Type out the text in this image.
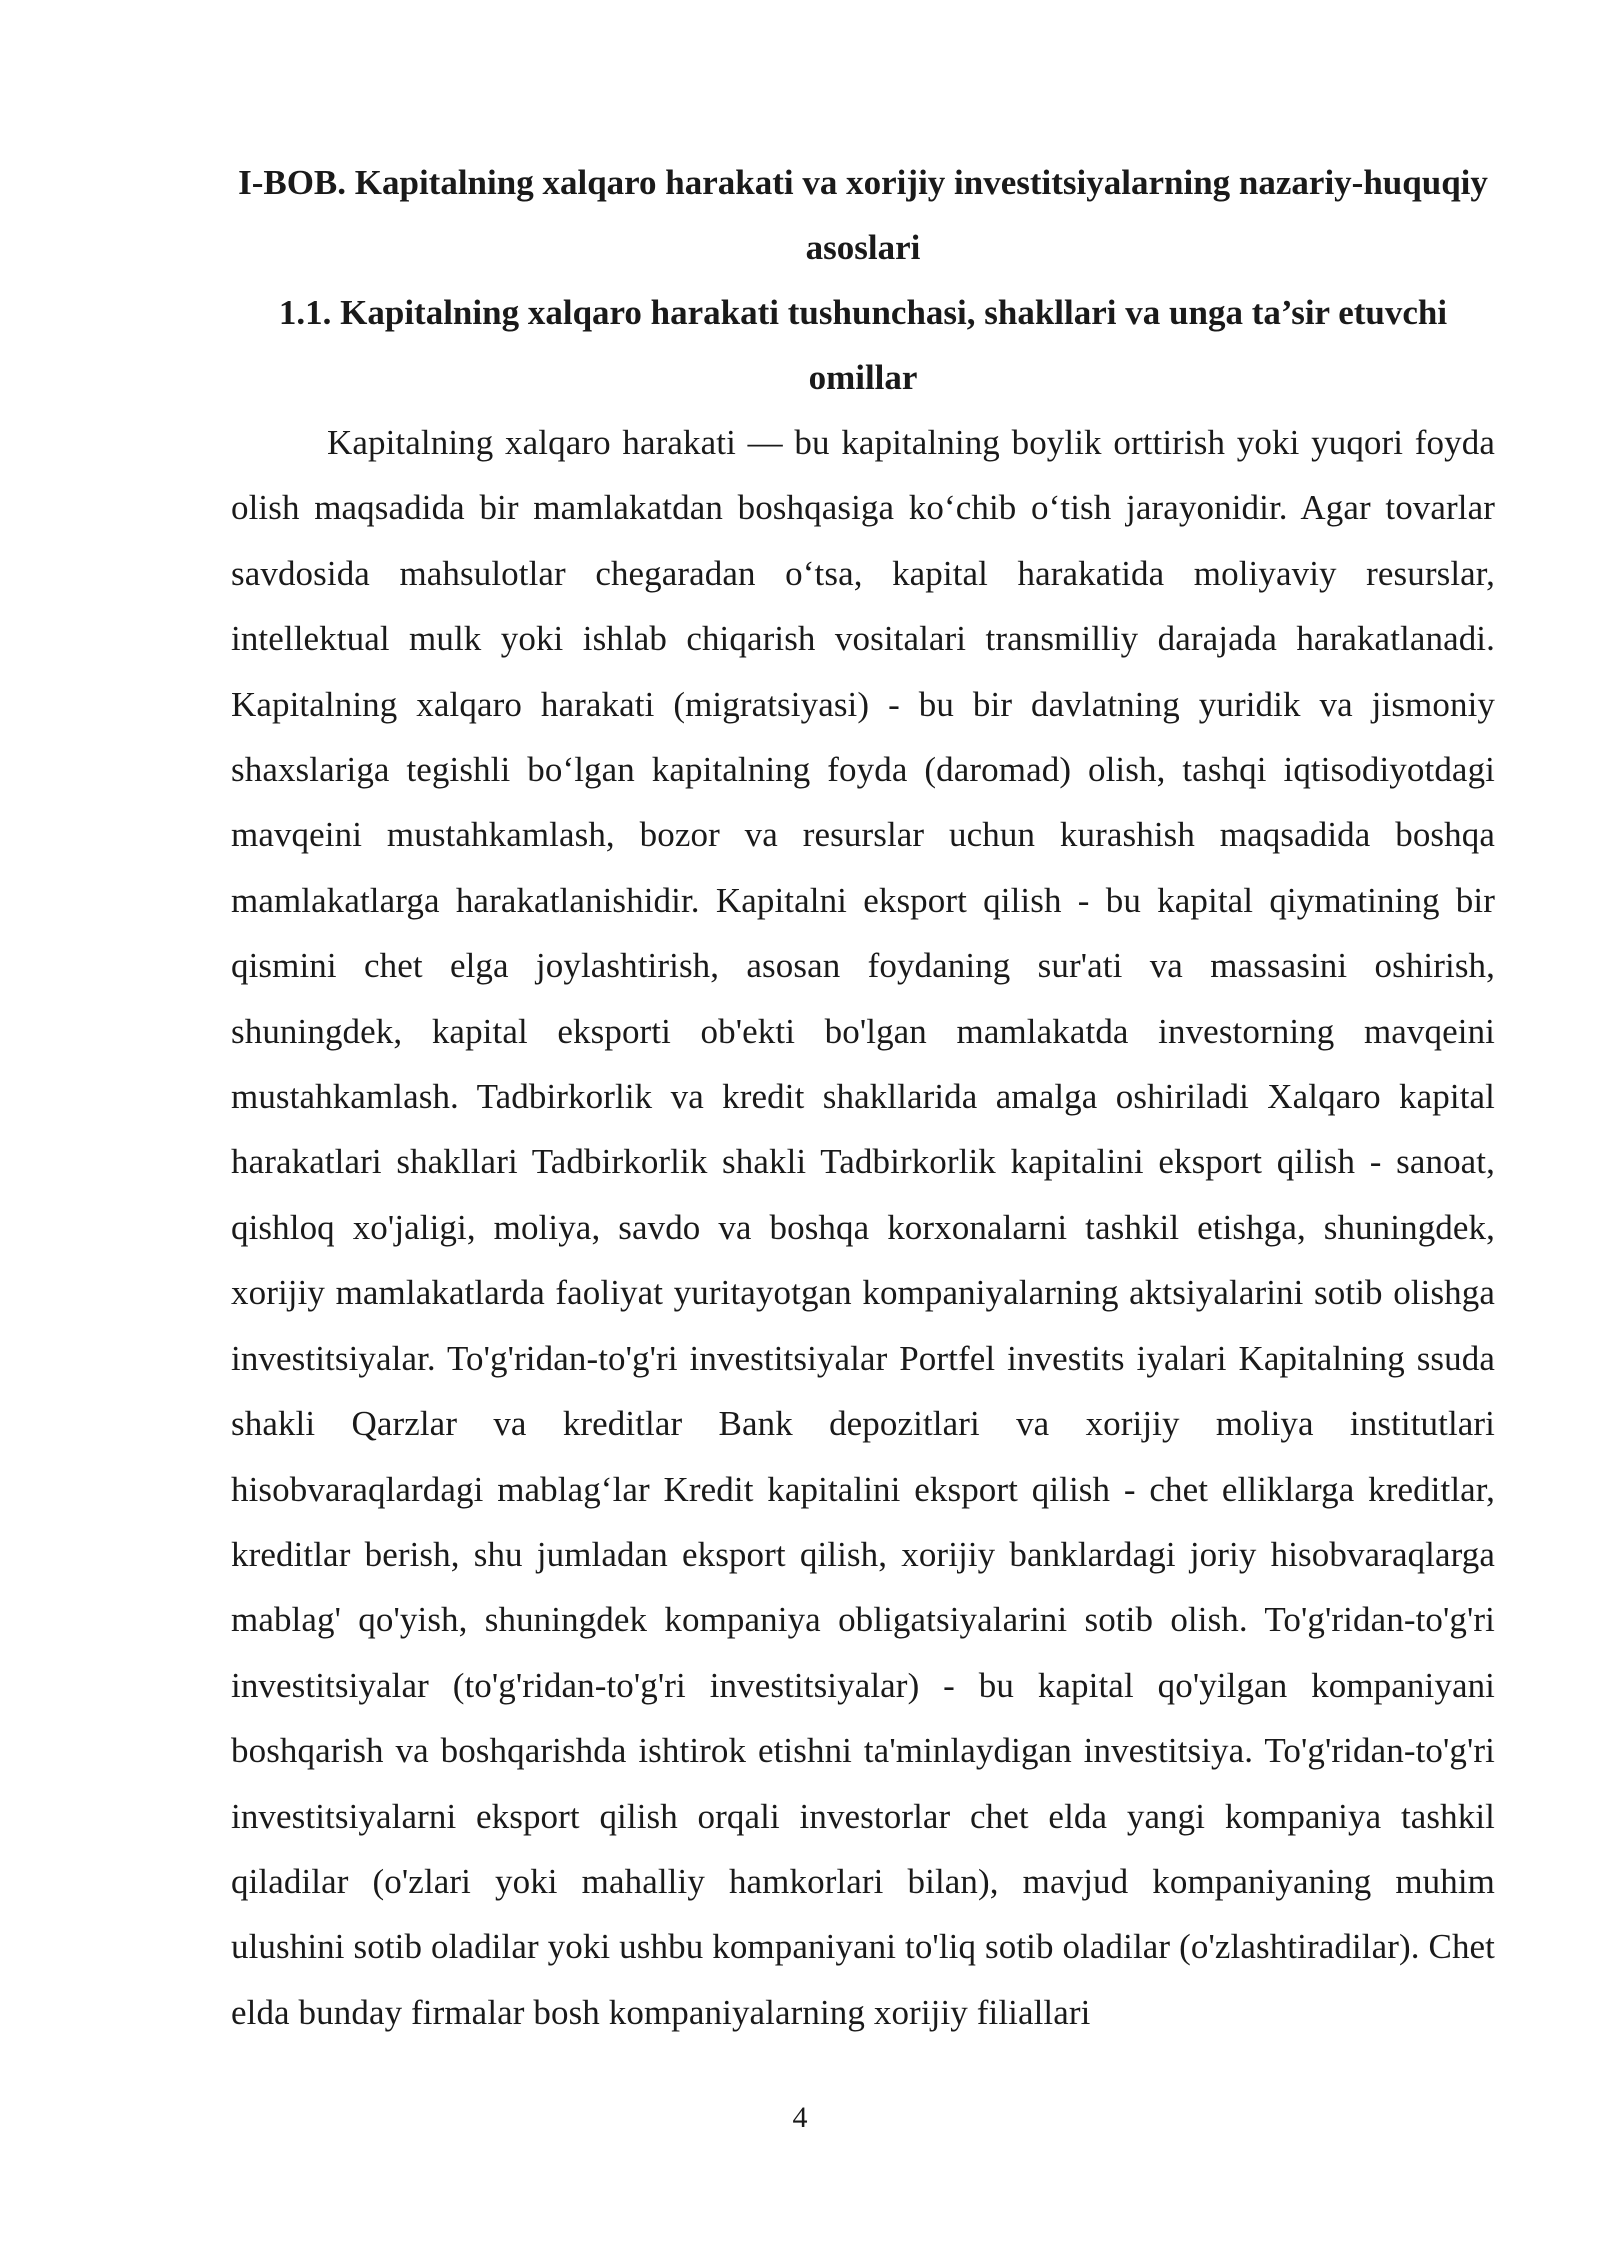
I-BOB. Kapitalning xalqaro harakati va xorijiy investitsiyalarning nazariy-huquqiy asoslari
1.1. Kapitalning xalqaro harakati tushunchasi, shakllari va unga ta’sir etuvchi omillar

Kapitalning xalqaro harakati — bu kapitalning boylik orttirish yoki yuqori foyda olish maqsadida bir mamlakatdan boshqasiga ko‘chib o‘tish jarayonidir. Agar tovarlar savdosida mahsulotlar chegaradan o‘tsa, kapital harakatida moliyaviy resurslar, intellektual mulk yoki ishlab chiqarish vositalari transmilliy darajada harakatlanadi. Kapitalning xalqaro harakati (migratsiyasi) - bu bir davlatning yuridik va jismoniy shaxslariga tegishli bo‘lgan kapitalning foyda (daromad) olish, tashqi iqtisodiyotdagi mavqeini mustahkamlash, bozor va resurslar uchun kurashish maqsadida boshqa mamlakatlarga harakatlanishidir. Kapitalni eksport qilish - bu kapital qiymatining bir qismini chet elga joylashtirish, asosan foydaning sur'ati va massasini oshirish, shuningdek, kapital eksporti ob'ekti bo'lgan mamlakatda investorning mavqeini mustahkamlash. Tadbirkorlik va kredit shakllarida amalga oshiriladi Xalqaro kapital harakatlari shakllari Tadbirkorlik shakli Tadbirkorlik kapitalini eksport qilish - sanoat, qishloq xo'jaligi, moliya, savdo va boshqa korxonalarni tashkil etishga, shuningdek, xorijiy mamlakatlarda faoliyat yuritayotgan kompaniyalarning aktsiyalarini sotib olishga investitsiyalar. To'g'ridan-to'g'ri investitsiyalar Portfel investits iyalari Kapitalning ssuda shakli Qarzlar va kreditlar Bank depozitlari va xorijiy moliya institutlari hisobvaraqlardagi mablag‘lar Kredit kapitalini eksport qilish - chet elliklarga kreditlar, kreditlar berish, shu jumladan eksport qilish, xorijiy banklardagi joriy hisobvaraqlarga mablag' qo'yish, shuningdek kompaniya obligatsiyalarini sotib olish. To'g'ridan-to'g'ri investitsiyalar (to'g'ridan-to'g'ri investitsiyalar) - bu kapital qo'yilgan kompaniyani boshqarish va boshqarishda ishtirok etishni ta'minlaydigan investitsiya. To'g'ridan-to'g'ri investitsiyalarni eksport qilish orqali investorlar chet elda yangi kompaniya tashkil qiladilar (o'zlari yoki mahalliy hamkorlari bilan), mavjud kompaniyaning muhim ulushini sotib oladilar yoki ushbu kompaniyani to'liq sotib oladilar (o'zlashtiradilar). Chet elda bunday firmalar bosh kompaniyalarning xorijiy filiallari

4
